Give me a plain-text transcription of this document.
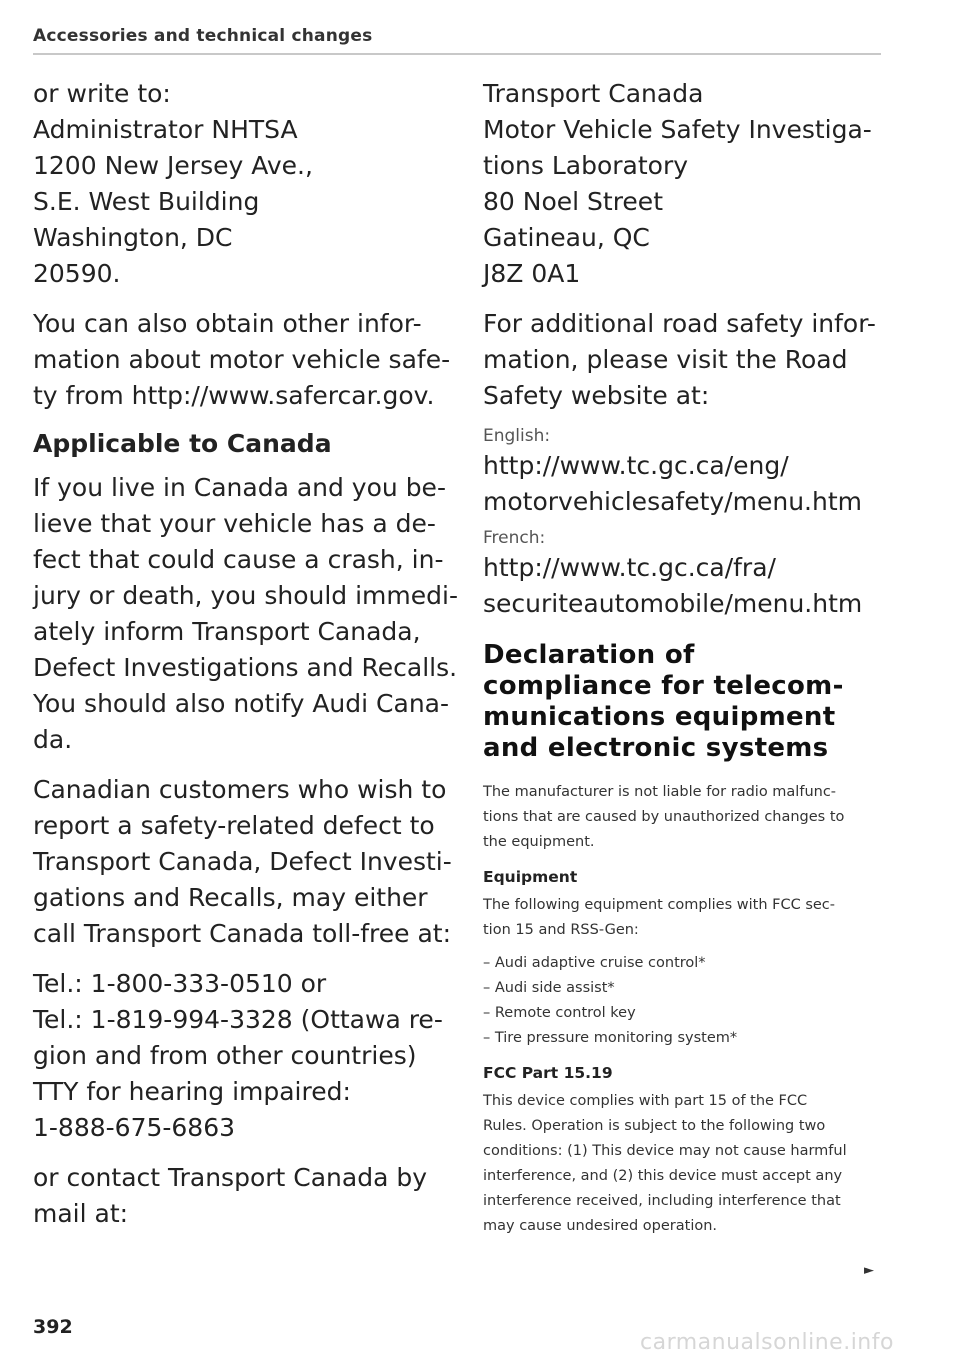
Accessories and technical changes
or write to:
Administrator NHTSA
1200 New Jersey Ave.,
S.E. West Building
Washington, DC
20590.
You can also obtain other infor-
mation about motor vehicle safe-
ty from http://www.safercar.gov.
Applicable to Canada
If you live in Canada and you be-
lieve that your vehicle has a de-
fect that could cause a crash, in-
jury or death, you should immedi-
ately inform Transport Canada,
Defect Investigations and Recalls.
You should also notify Audi Cana-
da.
Canadian customers who wish to
report a safety-related defect to
Transport Canada, Defect Investi-
gations and Recalls, may either
call Transport Canada toll-free at:
Tel.: 1-800-333-0510 or
Tel.: 1-819-994-3328 (Ottawa re-
gion and from other countries)
TTY for hearing impaired:
1-888-675-6863
or contact Transport Canada by
mail at:
Transport Canada
Motor Vehicle Safety Investiga-
tions Laboratory
80 Noel Street
Gatineau, QC
J8Z 0A1
For additional road safety infor-
mation, please visit the Road
Safety website at:
English:
http://www.tc.gc.ca/eng/
motorvehiclesafety/menu.htm
French:
http://www.tc.gc.ca/fra/
securiteautomobile/menu.htm
Declaration of
compliance for telecom-
munications equipment
and electronic systems
The manufacturer is not liable for radio malfunc-
tions that are caused by unauthorized changes to
the equipment.
Equipment
The following equipment complies with FCC sec-
tion 15 and RSS-Gen:
– Audi adaptive cruise control*
– Audi side assist*
– Remote control key
– Tire pressure monitoring system*
FCC Part 15.19
This device complies with part 15 of the FCC
Rules. Operation is subject to the following two
conditions: (1) This device may not cause harmful
interference, and (2) this device must accept any
interference received, including interference that
may cause undesired operation.
►
392
carmanualsonline.info
